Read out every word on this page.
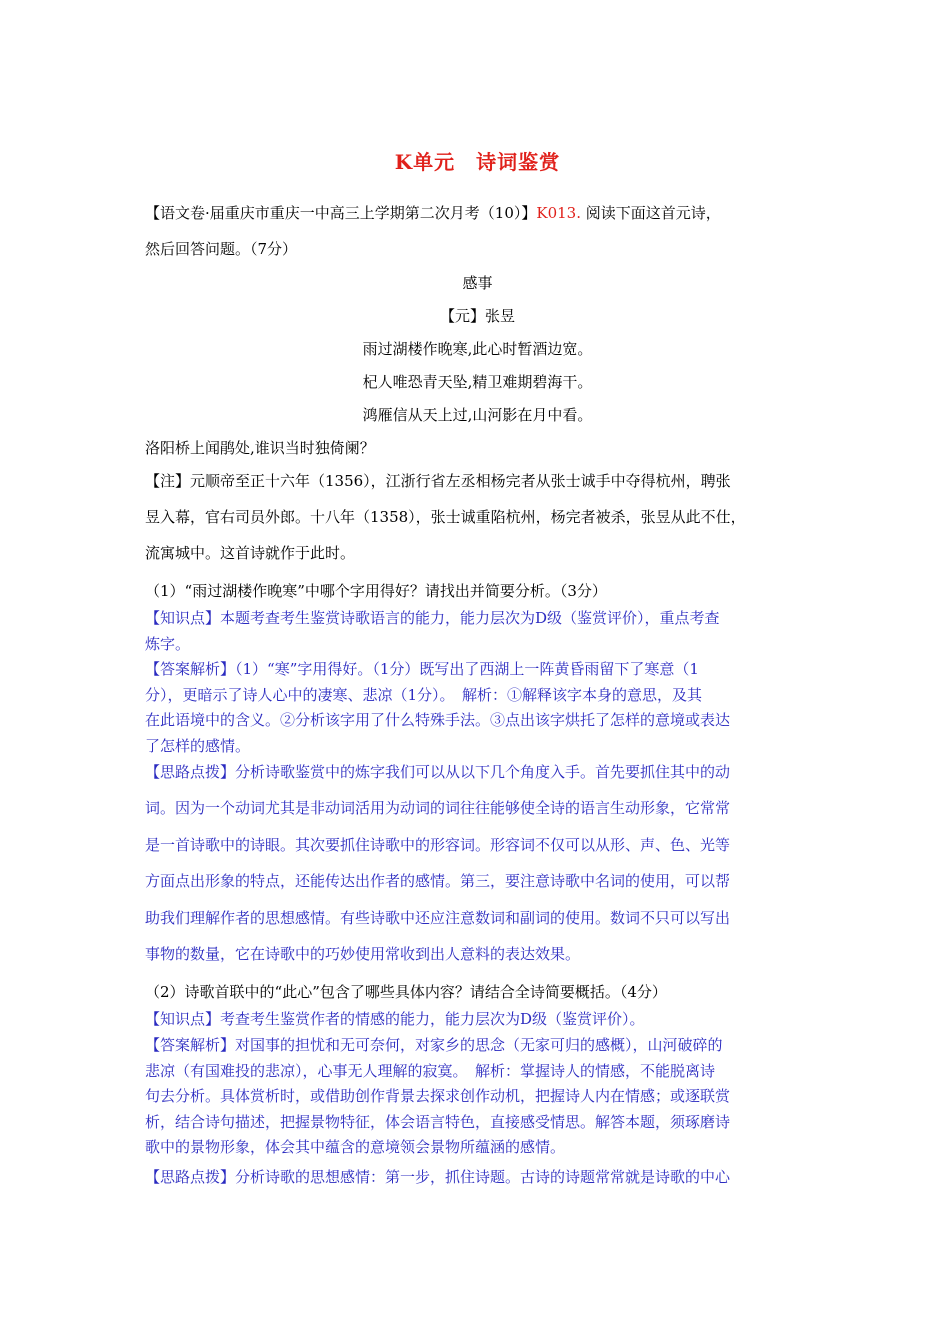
K单元　诗词鉴赏

【语文卷·届重庆市重庆一中高三上学期第二次月考（10）】K013. 阅读下面这首元诗，

然后回答问题。（7分）

感事
【元】张昱
雨过湖楼作晚寒,此心时暂酒边宽。
杞人唯恐青天坠,精卫难期碧海干。
鸿雁信从天上过,山河影在月中看。

洛阳桥上闻鹃处,谁识当时独倚阑？

【注】元顺帝至正十六年（1356），江浙行省左丞相杨完者从张士诚手中夺得杭州，聘张

昱入幕，官右司员外郎。十八年（1358），张士诚重陷杭州，杨完者被杀，张昱从此不仕，

流寓城中。这首诗就作于此时。

（1）“雨过湖楼作晚寒”中哪个字用得好？请找出并简要分析。（3分）

【知识点】本题考查考生鉴赏诗歌语言的能力，能力层次为D级（鉴赏评价），重点考查

炼字。

【答案解析】（1）“寒”字用得好。（1分）既写出了西湖上一阵黄昏雨留下了寒意（1

分），更暗示了诗人心中的凄寒、悲凉（1分）。　解析：①解释该字本身的意思，及其

在此语境中的含义。②分析该字用了什么特殊手法。③点出该字烘托了怎样的意境或表达

了怎样的感情。

【思路点拨】分析诗歌鉴赏中的炼字我们可以从以下几个角度入手。首先要抓住其中的动

词。因为一个动词尤其是非动词活用为动词的词往往能够使全诗的语言生动形象，它常常

是一首诗歌中的诗眼。其次要抓住诗歌中的形容词。形容词不仅可以从形、声、色、光等

方面点出形象的特点，还能传达出作者的感情。第三，要注意诗歌中名词的使用，可以帮

助我们理解作者的思想感情。有些诗歌中还应注意数词和副词的使用。数词不只可以写出

事物的数量，它在诗歌中的巧妙使用常收到出人意料的表达效果。

（2）诗歌首联中的“此心”包含了哪些具体内容？请结合全诗简要概括。（4分）

【知识点】考查考生鉴赏作者的情感的能力，能力层次为D级（鉴赏评价）。

【答案解析】对国事的担忧和无可奈何，对家乡的思念（无家可归的感概），山河破碎的

悲凉（有国难投的悲凉），心事无人理解的寂寞。　解析：掌握诗人的情感，不能脱离诗

句去分析。具体赏析时，或借助创作背景去探求创作动机，把握诗人内在情感；或逐联赏

析，结合诗句描述，把握景物特征，体会语言特色，直接感受情思。解答本题，须琢磨诗

歌中的景物形象，体会其中蕴含的意境领会景物所蕴涵的感情。

【思路点拨】分析诗歌的思想感情：第一步，抓住诗题。古诗的诗题常常就是诗歌的中心
